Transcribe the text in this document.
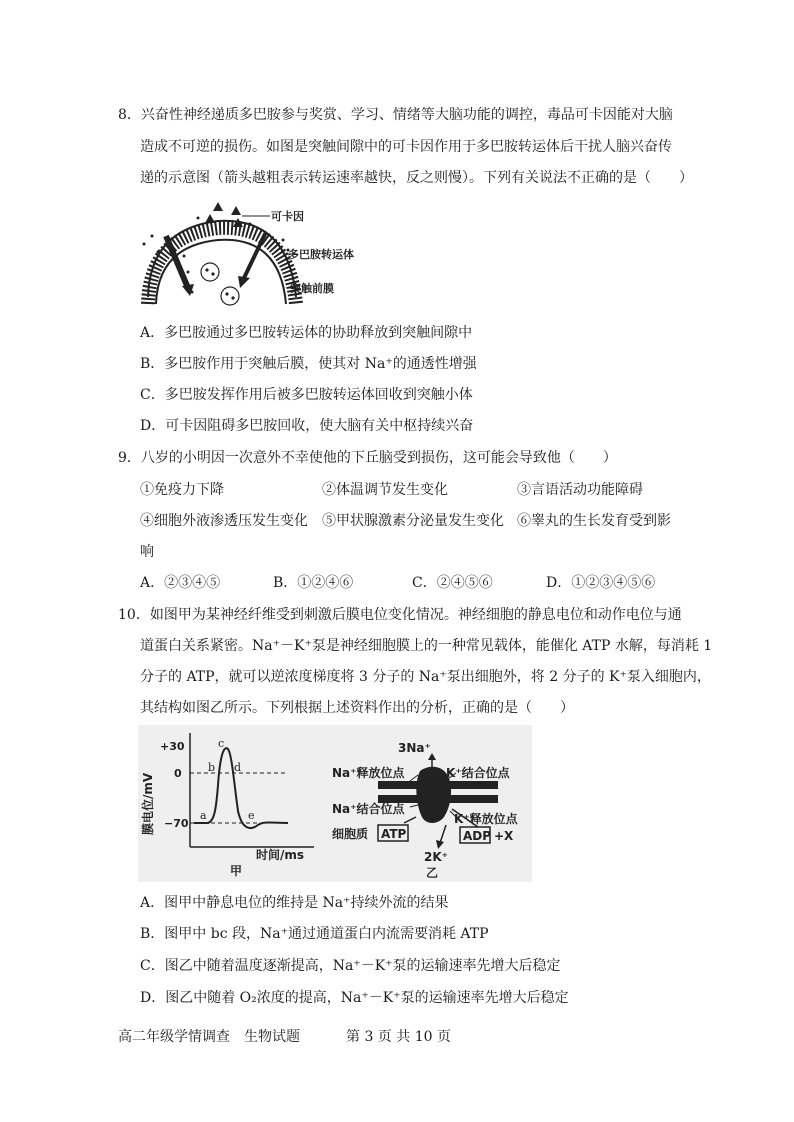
8．兴奋性神经递质多巴胺参与奖赏、学习、情绪等大脑功能的调控，毒品可卡因能对大脑
造成不可逆的损伤。如图是突触间隙中的可卡因作用于多巴胺转运体后干扰人脑兴奋传
递的示意图（箭头越粗表示转运速率越快，反之则慢）。下列有关说法不正确的是（　　）
可卡因
多巴胺转运体
突触前膜
A．多巴胺通过多巴胺转运体的协助释放到突触间隙中
B．多巴胺作用于突触后膜，使其对 Na⁺的通透性增强
C．多巴胺发挥作用后被多巴胺转运体回收到突触小体
D．可卡因阻碍多巴胺回收，使大脑有关中枢持续兴奋
9．八岁的小明因一次意外不幸使他的下丘脑受到损伤，这可能会导致他（　　）
①免疫力下降	②体温调节发生变化	③言语活动功能障碍
④细胞外液渗透压发生变化 ⑤甲状腺激素分泌量发生变化 ⑥睾丸的生长发育受到影
响
A．②③④⑤	B．①②④⑥	C．②④⑤⑥	D．①②③④⑤⑥
10．如图甲为某神经纤维受到刺激后膜电位变化情况。神经细胞的静息电位和动作电位与通
道蛋白关系紧密。Na⁺－K⁺泵是神经细胞膜上的一种常见载体，能催化 ATP 水解，每消耗 1
分子的 ATP，就可以逆浓度梯度将 3 分子的 Na⁺泵出细胞外，将 2 分子的 K⁺泵入细胞内，
其结构如图乙所示。下列根据上述资料作出的分析，正确的是（　　）
+30
0
−70
a
b
c
d
e
膜电位/mV
时间/ms
甲
3Na⁺
Na⁺释放位点	K⁺结合位点
Na⁺结合位点
K⁺释放位点
细胞质 ATP	ADP +X
2K⁺
乙
A．图甲中静息电位的维持是 Na⁺持续外流的结果
B．图甲中 bc 段，Na⁺通过通道蛋白内流需要消耗 ATP
C．图乙中随着温度逐渐提高，Na⁺－K⁺泵的运输速率先增大后稳定
D．图乙中随着 O₂浓度的提高，Na⁺－K⁺泵的运输速率先增大后稳定
高二年级学情调查　生物试题	第 3 页 共 10 页
